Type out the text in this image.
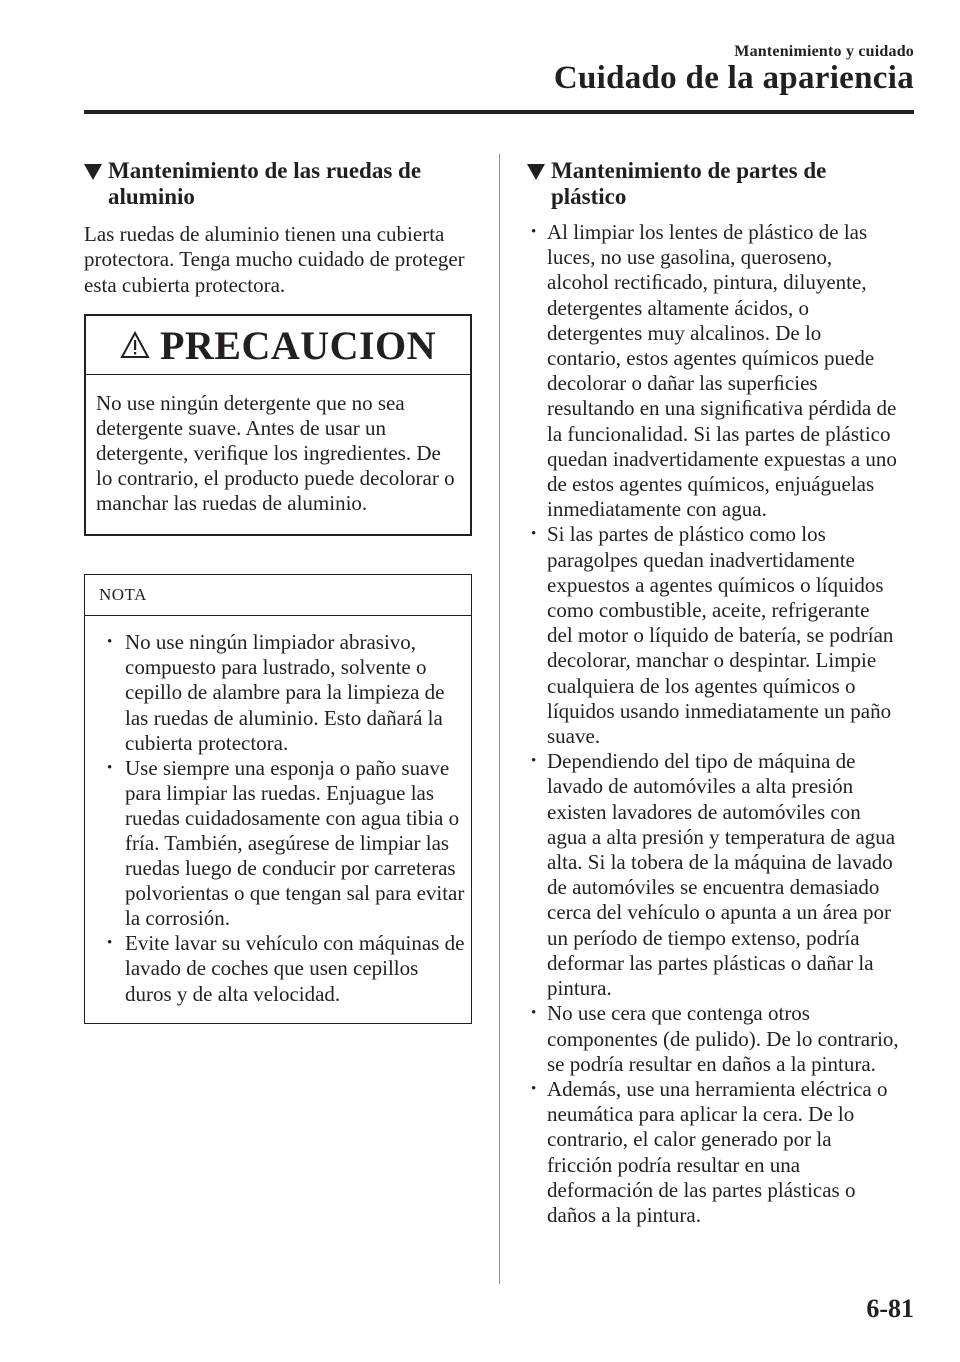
Mantenimiento y cuidado
Cuidado de la apariencia
Mantenimiento de las ruedas de aluminio
Las ruedas de aluminio tienen una cubierta protectora. Tenga mucho cuidado de proteger esta cubierta protectora.
PRECAUCION
No use ningún detergente que no sea detergente suave. Antes de usar un detergente, veriﬁque los ingredientes. De lo contrario, el producto puede decolorar o manchar las ruedas de aluminio.
NOTA
• No use ningún limpiador abrasivo, compuesto para lustrado, solvente o cepillo de alambre para la limpieza de las ruedas de aluminio. Esto dañará la cubierta protectora.
• Use siempre una esponja o paño suave para limpiar las ruedas. Enjuague las ruedas cuidadosamente con agua tibia o fría. También, asegúrese de limpiar las ruedas luego de conducir por carreteras polvorientas o que tengan sal para evitar la corrosión.
• Evite lavar su vehículo con máquinas de lavado de coches que usen cepillos duros y de alta velocidad.
Mantenimiento de partes de plástico
• Al limpiar los lentes de plástico de las luces, no use gasolina, queroseno, alcohol rectiﬁcado, pintura, diluyente, detergentes altamente ácidos, o detergentes muy alcalinos. De lo contario, estos agentes químicos puede decolorar o dañar las superﬁcies resultando en una signiﬁcativa pérdida de la funcionalidad. Si las partes de plástico quedan inadvertidamente expuestas a uno de estos agentes químicos, enjuáguelas inmediatamente con agua.
• Si las partes de plástico como los paragolpes quedan inadvertidamente expuestos a agentes químicos o líquidos como combustible, aceite, refrigerante del motor o líquido de batería, se podrían decolorar, manchar o despintar. Limpie cualquiera de los agentes químicos o líquidos usando inmediatamente un paño suave.
• Dependiendo del tipo de máquina de lavado de automóviles a alta presión existen lavadores de automóviles con agua a alta presión y temperatura de agua alta. Si la tobera de la máquina de lavado de automóviles se encuentra demasiado cerca del vehículo o apunta a un área por un período de tiempo extenso, podría deformar las partes plásticas o dañar la pintura.
• No use cera que contenga otros componentes (de pulido). De lo contrario, se podría resultar en daños a la pintura.
• Además, use una herramienta eléctrica o neumática para aplicar la cera. De lo contrario, el calor generado por la fricción podría resultar en una deformación de las partes plásticas o daños a la pintura.
6-81
